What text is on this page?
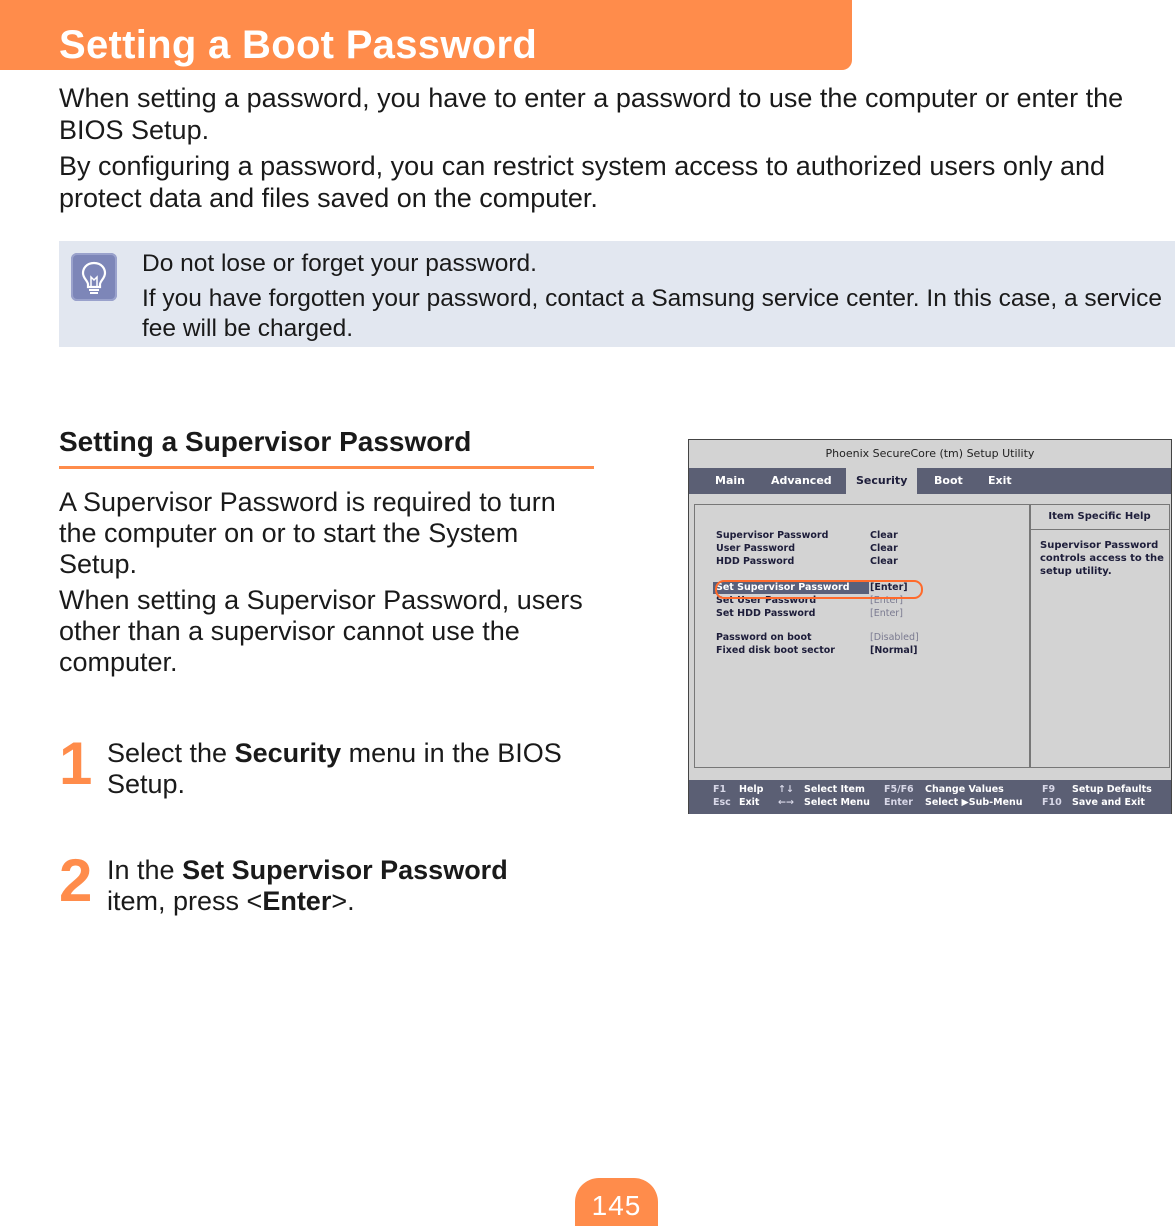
Setting a Boot Password

When setting a password, you have to enter a password to use the computer or enter the BIOS Setup.

By configuring a password, you can restrict system access to authorized users only and protect data and files saved on the computer.

Do not lose or forget your password.

If you have forgotten your password, contact a Samsung service center. In this case, a service fee will be charged.

Setting a Supervisor Password

A Supervisor Password is required to turn the computer on or to start the System Setup.

When setting a Supervisor Password, users other than a supervisor cannot use the computer.

1 Select the Security menu in the BIOS Setup.
2 In the Set Supervisor Password
item, press <Enter>.
Phoenix SecureCore (tm) Setup Utility
Main Advanced	Security	Boot Exit
Supervisor Password	Clear
User Password	Clear
HDD Password	Clear
Set Supervisor Password [Enter]
Set User Password	[Enter]
Set HDD Password	[Enter]
Password on boot	[Disabled]
Fixed disk boot sector	[Normal]
Item Specific Help
Supervisor Password controls access to the setup utility.
F1 Help
Esc Exit
↑↓ Select Item
←→ Select Menu
F5/F6 Change Values
Enter Select ▶Sub-Menu
F9 Setup Defaults
F10 Save and Exit
145
